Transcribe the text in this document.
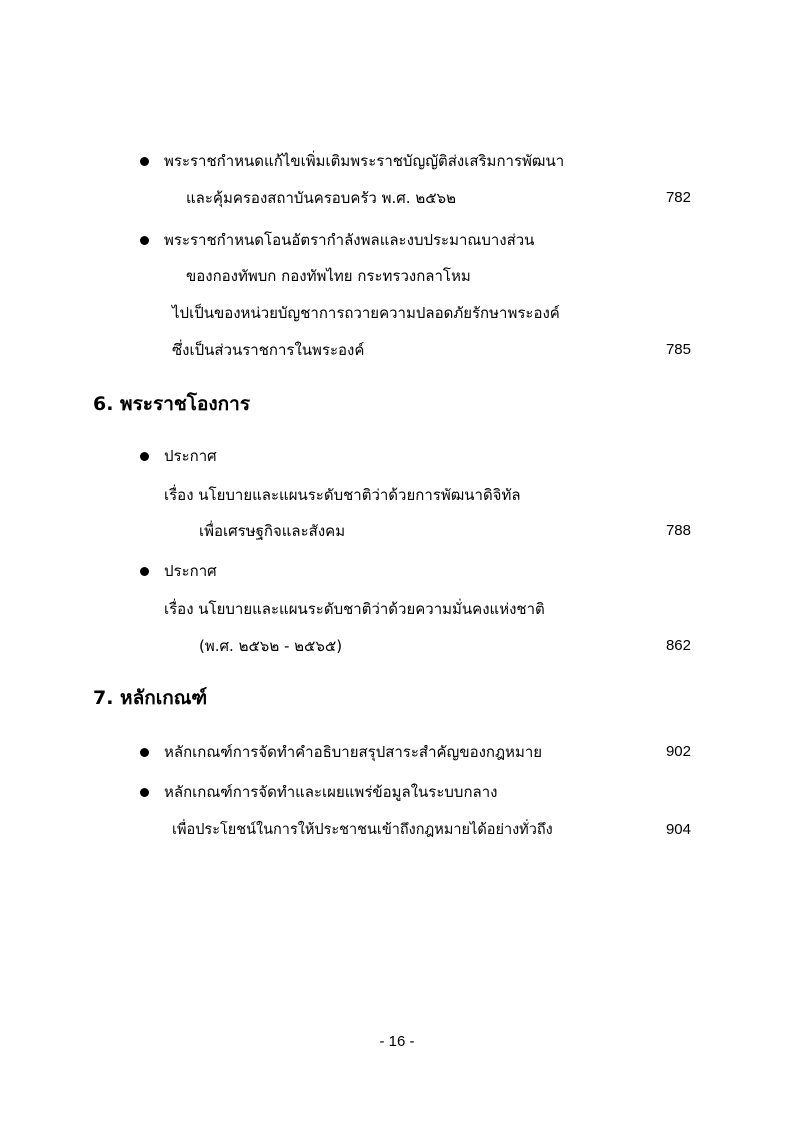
พระราชกำหนดแก้ไขเพิ่มเติมพระราชบัญญัติส่งเสริมการพัฒนา
และคุ้มครองสถาบันครอบครัว พ.ศ. ๒๕๖๒	782
พระราชกำหนดโอนอัตรากำลังพลและงบประมาณบางส่วน
ของกองทัพบก กองทัพไทย กระทรวงกลาโหม
ไปเป็นของหน่วยบัญชาการถวายความปลอดภัยรักษาพระองค์
ซึ่งเป็นส่วนราชการในพระองค์	785
6. พระราชโองการ
ประกาศ
เรื่อง นโยบายและแผนระดับชาติว่าด้วยการพัฒนาดิจิทัล
เพื่อเศรษฐกิจและสังคม	788
ประกาศ
เรื่อง นโยบายและแผนระดับชาติว่าด้วยความมั่นคงแห่งชาติ
(พ.ศ. ๒๕๖๒ - ๒๕๖๕)	862
7. หลักเกณฑ์
หลักเกณฑ์การจัดทำคำอธิบายสรุปสาระสำคัญของกฎหมาย	902
หลักเกณฑ์การจัดทำและเผยแพร่ข้อมูลในระบบกลาง
เพื่อประโยชน์ในการให้ประชาชนเข้าถึงกฎหมายได้อย่างทั่วถึง	904
- 16 -
